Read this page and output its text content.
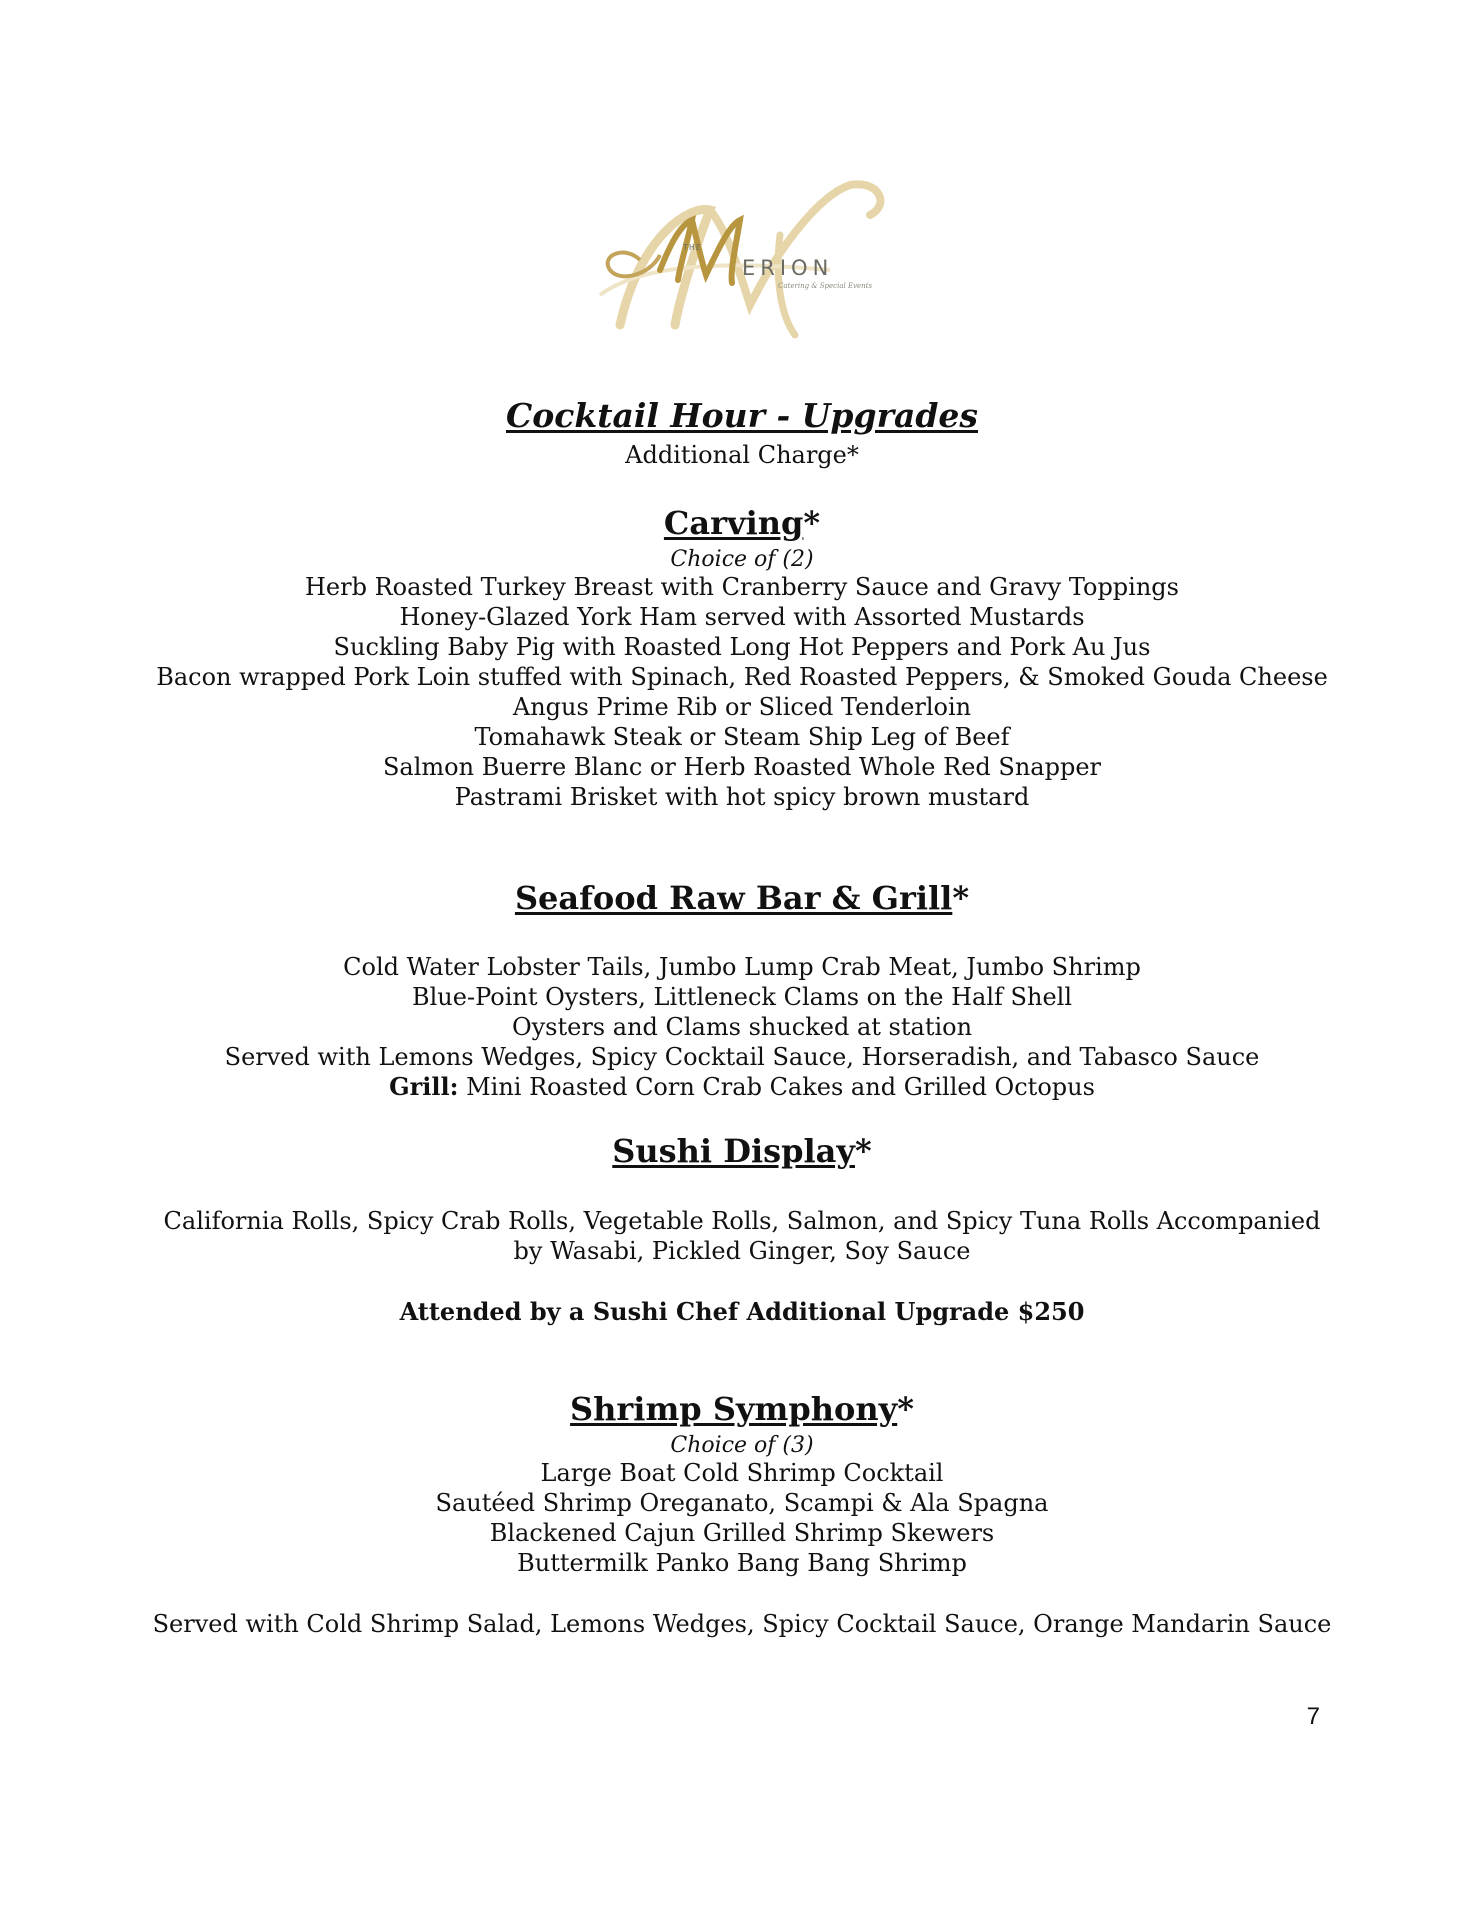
THE
ERION
Catering & Special Events
Cocktail Hour - Upgrades
Additional Charge*
Carving*
Choice of (2)
Herb Roasted Turkey Breast with Cranberry Sauce and Gravy Toppings
Honey-Glazed York Ham served with Assorted Mustards
Suckling Baby Pig with Roasted Long Hot Peppers and Pork Au Jus
Bacon wrapped Pork Loin stuffed with Spinach, Red Roasted Peppers, & Smoked Gouda Cheese
Angus Prime Rib or Sliced Tenderloin
Tomahawk Steak or Steam Ship Leg of Beef
Salmon Buerre Blanc or Herb Roasted Whole Red Snapper
Pastrami Brisket with hot spicy brown mustard
Seafood Raw Bar & Grill*
Cold Water Lobster Tails, Jumbo Lump Crab Meat, Jumbo Shrimp
Blue-Point Oysters, Littleneck Clams on the Half Shell
Oysters and Clams shucked at station
Served with Lemons Wedges, Spicy Cocktail Sauce, Horseradish, and Tabasco Sauce
Grill: Mini Roasted Corn Crab Cakes and Grilled Octopus
Sushi Display*
California Rolls, Spicy Crab Rolls, Vegetable Rolls, Salmon, and Spicy Tuna Rolls Accompanied
by Wasabi, Pickled Ginger, Soy Sauce
Attended by a Sushi Chef Additional Upgrade $250
Shrimp Symphony*
Choice of (3)
Large Boat Cold Shrimp Cocktail
Sautéed Shrimp Oreganato, Scampi & Ala Spagna
Blackened Cajun Grilled Shrimp Skewers
Buttermilk Panko Bang Bang Shrimp
Served with Cold Shrimp Salad, Lemons Wedges, Spicy Cocktail Sauce, Orange Mandarin Sauce
7
